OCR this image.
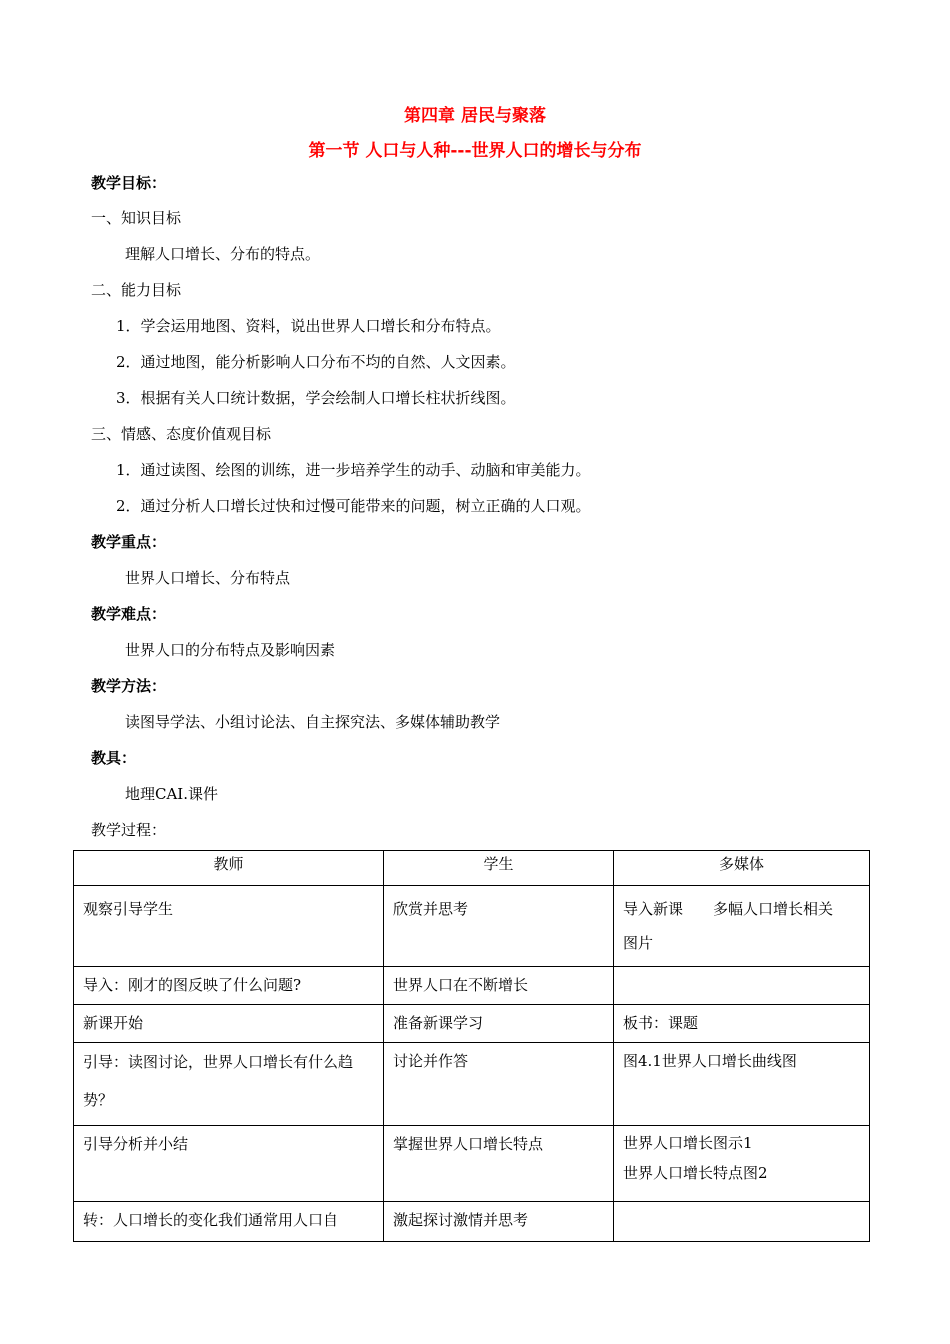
第四章 居民与聚落
第一节 人口与人种---世界人口的增长与分布
教学目标：
一、知识目标
理解人口增长、分布的特点。
二、能力目标
1．学会运用地图、资料，说出世界人口增长和分布特点。
2．通过地图，能分析影响人口分布不均的自然、人文因素。
3．根据有关人口统计数据，学会绘制人口增长柱状折线图。
三、情感、态度价值观目标
1．通过读图、绘图的训练，进一步培养学生的动手、动脑和审美能力。
2．通过分析人口增长过快和过慢可能带来的问题，树立正确的人口观。
教学重点：
世界人口增长、分布特点
教学难点：
世界人口的分布特点及影响因素
教学方法：
读图导学法、小组讨论法、自主探究法、多媒体辅助教学
教具：
地理CAI.课件
教学过程：
教师	学生	多媒体
观察引导学生	欣赏并思考	导入新课　　多幅人口增长相关
图片

导入：刚才的图反映了什么问题?	世界人口在不断增长	
新课开始	准备新课学习	板书：课题
引导：读图讨论，世界人口增长有什么趋势？	讨论并作答	图4.1世界人口增长曲线图
引导分析并小结	掌握世界人口增长特点	世界人口增长图示1
世界人口增长特点图2

转：人口增长的变化我们通常用人口自	激起探讨激情并思考	
